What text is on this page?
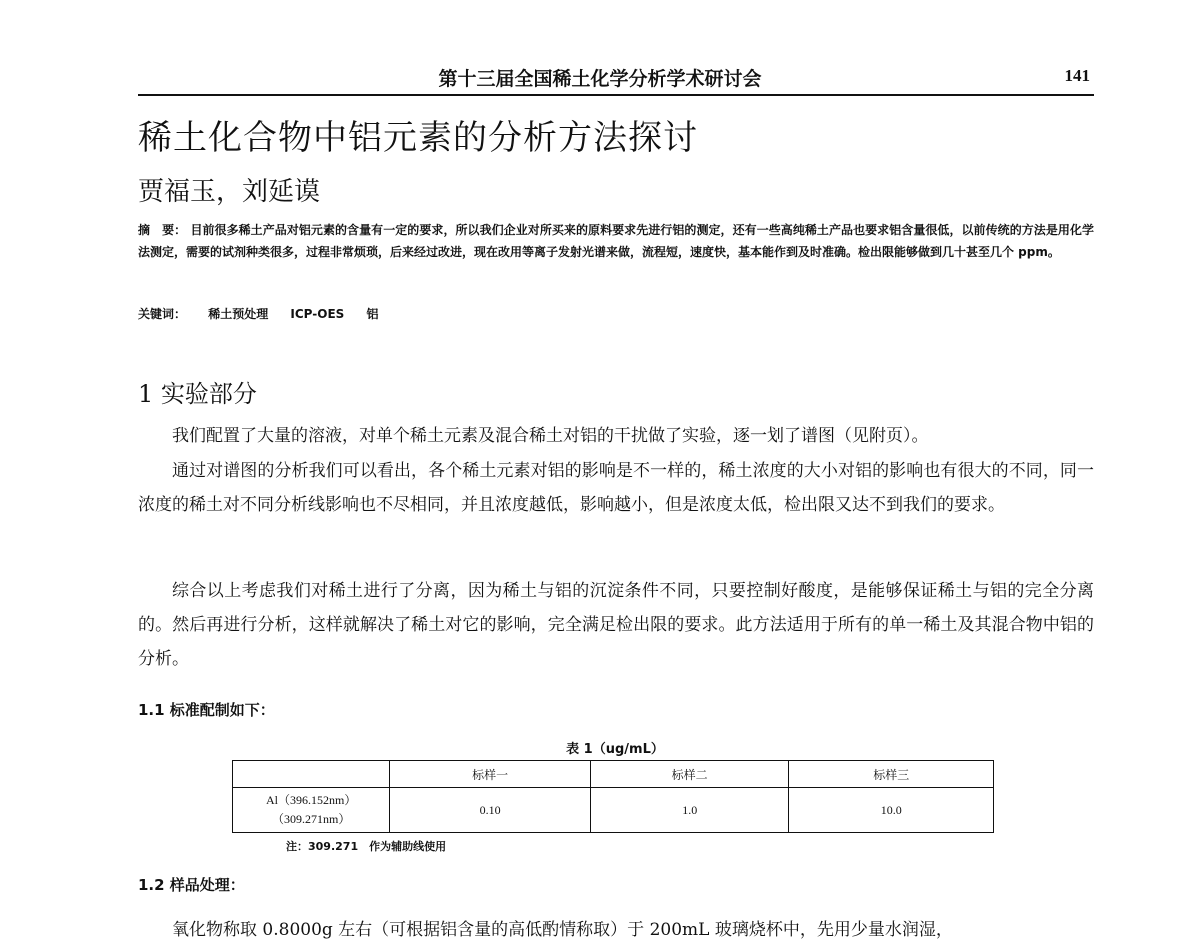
第十三届全国稀土化学分析学术研讨会	141
稀土化合物中铝元素的分析方法探讨
贾福玉，刘延谟

摘　要： 目前很多稀土产品对铝元素的含量有一定的要求，所以我们企业对所买来的原料要求先进行铝的测定，还有一些高纯稀土产品也要求铝含量很低，以前传统的方法是用化学法测定，需要的试剂种类很多，过程非常烦琐，后来经过改进，现在改用等离子发射光谱来做，流程短，速度快，基本能作到及时准确。检出限能够做到几十甚至几个 ppm。

关键词： 稀土预处理 ICP-OES 铝
1 实验部分

我们配置了大量的溶液，对单个稀土元素及混合稀土对铝的干扰做了实验，逐一划了谱图（见附页）。

通过对谱图的分析我们可以看出，各个稀土元素对铝的影响是不一样的，稀土浓度的大小对铝的影响也有很大的不同，同一浓度的稀土对不同分析线影响也不尽相同，并且浓度越低，影响越小，但是浓度太低，检出限又达不到我们的要求。

综合以上考虑我们对稀土进行了分离，因为稀土与铝的沉淀条件不同，只要控制好酸度，是能够保证稀土与铝的完全分离的。然后再进行分析，这样就解决了稀土对它的影响，完全满足检出限的要求。此方法适用于所有的单一稀土及其混合物中铝的分析。

1.1 标准配制如下：
表 1（ug/mL）
	标样一	标样二	标样三
Al（396.152nm）
（309.271nm）	0.10	1.0	10.0
注：309.271　作为辅助线使用
1.2 样品处理：

氧化物称取 0.8000g 左右（可根据铝含量的高低酌情称取）于 200mL 玻璃烧杯中，先用少量水润湿，
